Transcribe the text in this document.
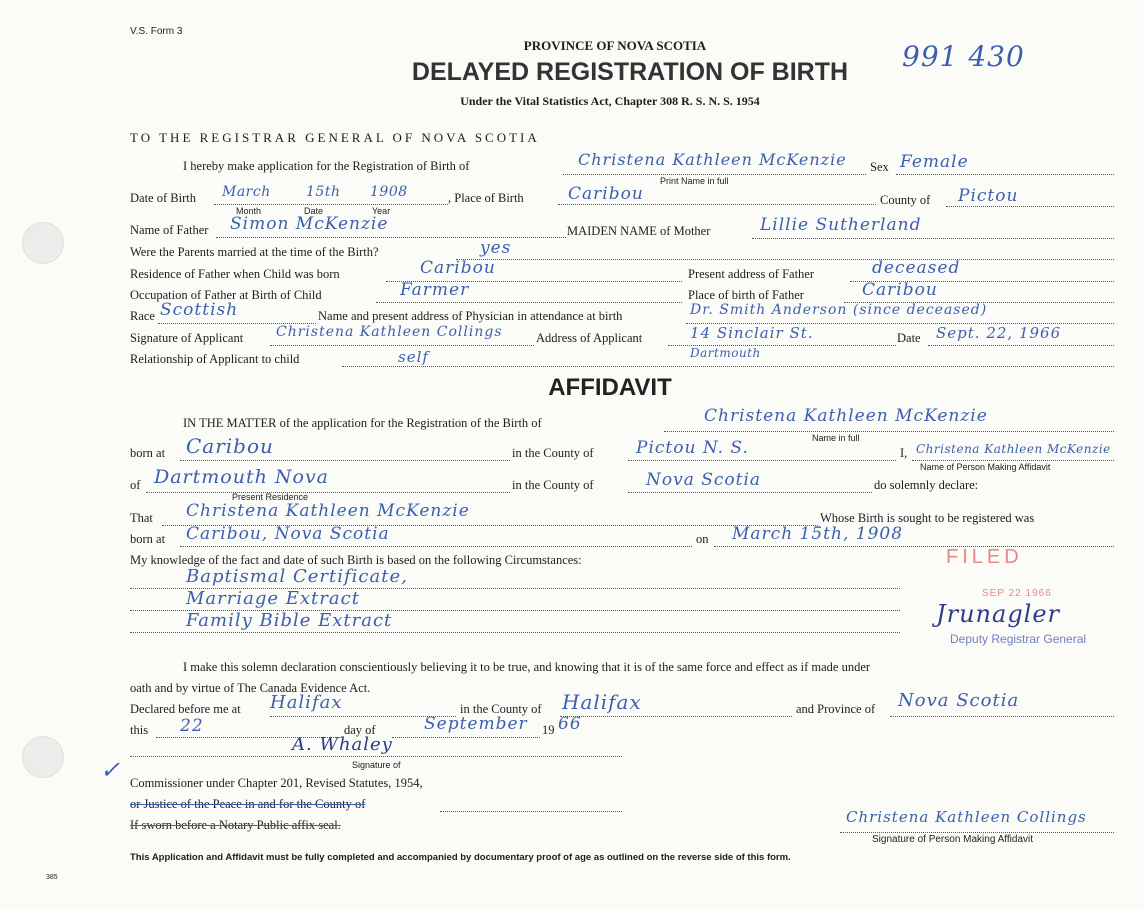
V.S. Form 3
PROVINCE OF NOVA SCOTIA
DELAYED REGISTRATION OF BIRTH
Under the Vital Statistics Act, Chapter 308 R. S. N. S. 1954
991 430
TO THE REGISTRAR GENERAL OF NOVA SCOTIA
I hereby make application for the Registration of Birth of	Christena Kathleen McKenzie Sex Female
Print Name in full
Date of Birth March	15th 1908	, Place of Birth	Caribou	County of Pictou
Month	Date	Year
Name of Father Simon McKenzie	MAIDEN NAME of Mother	Lillie Sutherland
Were the Parents married at the time of the Birth?	yes
Residence of Father when Child was born	Caribou	Present address of Father	deceased
Occupation of Father at Birth of Child	Farmer	Place of birth of Father	Caribou
Race Scottish	Name and present address of Physician in attendance at birth	Dr. Smith Anderson (since deceased)
Signature of Applicant Christena Kathleen Collings	Address of Applicant	14 Sinclair St.	Date Sept. 22, 1966
Relationship of Applicant to child	self	Dartmouth
AFFIDAVIT
IN THE MATTER of the application for the Registration of the Birth of	Christena Kathleen McKenzie
Name in full
born at Caribou	in the County of Pictou N. S.	I, Christena Kathleen McKenzie
Name of Person Making Affidavit
of Dartmouth Nova	in the County of	Nova Scotia	do solemnly declare:
Present Residence
That Christena Kathleen McKenzie	Whose Birth is sought to be registered was
born at Caribou, Nova Scotia	on March 15th, 1908
My knowledge of the fact and date of such Birth is based on the following Circumstances:
Baptismal Certificate,
Marriage Extract
Family Bible Extract
FILED
SEP 22 1966
Jrunagler
Deputy Registrar General
I make this solemn declaration conscientiously believing it to be true, and knowing that it is of the same force and effect as if made under
oath and by virtue of The Canada Evidence Act.
Declared before me at Halifax	in the County of Halifax	and Province of Nova Scotia
this 22	day of	September 19 66
A. Whaley
Signature of
✓ Commissioner under Chapter 201, Revised Statutes, 1954,
or Justice of the Peace in and for the County of
If sworn before a Notary Public affix seal.	Christena Kathleen Collings
Signature of Person Making Affidavit
This Application and Affidavit must be fully completed and accompanied by documentary proof of age as outlined on the reverse side of this form.
385
